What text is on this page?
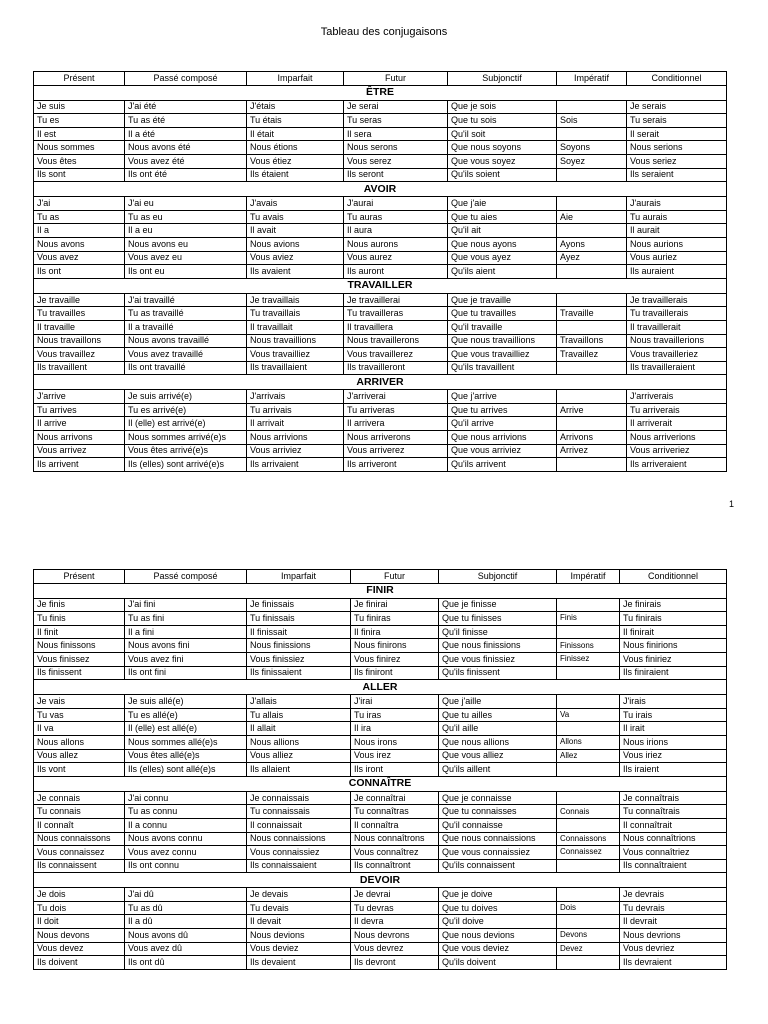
Tableau des conjugaisons
Présent	Passé composé	Imparfait	Futur	Subjonctif	Impératif	Conditionnel
ÊTRE						
Je suis	J'ai été	J'étais	Je serai	Que je sois		Je serais
Tu es	Tu as été	Tu étais	Tu seras	Que tu sois	Sois	Tu serais
Il est	Il a été	Il était	Il sera	Qu'il soit		Il serait
Nous sommes	Nous avons été	Nous étions	Nous serons	Que nous soyons	Soyons	Nous serions
Vous êtes	Vous avez été	Vous étiez	Vous serez	Que vous soyez	Soyez	Vous seriez
Ils sont	Ils ont été	Ils étaient	Ils seront	Qu'ils soient		Ils seraient
AVOIR						
J'ai	J'ai eu	J'avais	J'aurai	Que j'aie		J'aurais
Tu as	Tu as eu	Tu avais	Tu auras	Que tu aies	Aie	Tu aurais
Il a	Il a eu	Il avait	Il aura	Qu'il ait		Il aurait
Nous avons	Nous avons eu	Nous avions	Nous aurons	Que nous ayons	Ayons	Nous aurions
Vous avez	Vous avez eu	Vous aviez	Vous aurez	Que vous ayez	Ayez	Vous auriez
Ils ont	Ils ont eu	Ils avaient	Ils auront	Qu'ils aient		Ils auraient
TRAVAILLER						
Je travaille	J'ai travaillé	Je travaillais	Je travaillerai	Que je travaille		Je travaillerais
Tu travailles	Tu as travaillé	Tu travaillais	Tu travailleras	Que tu travailles	Travaille	Tu travaillerais
Il travaille	Il a travaillé	Il travaillait	Il travaillera	Qu'il travaille		Il travaillerait
Nous travaillons	Nous avons travaillé	Nous travaillions	Nous travaillerons	Que nous travaillions	Travaillons	Nous travaillerions
Vous travaillez	Vous avez travaillé	Vous travailliez	Vous travaillerez	Que vous travailliez	Travaillez	Vous travailleriez
Ils travaillent	Ils ont travaillé	Ils travaillaient	Ils travailleront	Qu'ils travaillent		Ils travailleraient
ARRIVER						
J'arrive	Je suis arrivé(e)	J'arrivais	J'arriverai	Que j'arrive		J'arriverais
Tu arrives	Tu es arrivé(e)	Tu arrivais	Tu arriveras	Que tu arrives	Arrive	Tu arriverais
Il arrive	Il (elle) est arrivé(e)	Il arrivait	Il arrivera	Qu'il arrive		Il arriverait
Nous arrivons	Nous sommes arrivé(e)s	Nous arrivions	Nous arriverons	Que nous arrivions	Arrivons	Nous arriverions
Vous arrivez	Vous êtes arrivé(e)s	Vous arriviez	Vous arriverez	Que vous arriviez	Arrivez	Vous arriveriez
Ils arrivent	Ils (elles) sont arrivé(e)s	Ils arrivaient	Ils arriveront	Qu'ils arrivent		Ils arriveraient
1
Présent	Passé composé	Imparfait	Futur	Subjonctif	Impératif	Conditionnel
FINIR						
Je finis	J'ai fini	Je finissais	Je finirai	Que je finisse		Je finirais
Tu finis	Tu as fini	Tu finissais	Tu finiras	Que tu finisses	Finis	Tu finirais
Il finit	Il a fini	Il finissait	Il finira	Qu'il finisse		Il finirait
Nous finissons	Nous avons fini	Nous finissions	Nous finirons	Que nous finissions	Finissons	Nous finirions
Vous finissez	Vous avez fini	Vous finissiez	Vous finirez	Que vous finissiez	Finissez	Vous finiriez
Ils finissent	Ils ont fini	Ils finissaient	Ils finiront	Qu'ils finissent		Ils finiraient
ALLER						
Je vais	Je suis allé(e)	J'allais	J'irai	Que j'aille		J'irais
Tu vas	Tu es allé(e)	Tu allais	Tu iras	Que tu ailles	Va	Tu irais
Il va	Il (elle) est allé(e)	Il allait	Il ira	Qu'il aille		Il irait
Nous allons	Nous sommes allé(e)s	Nous allions	Nous irons	Que nous allions	Allons	Nous irions
Vous allez	Vous êtes allé(e)s	Vous alliez	Vous irez	Que vous alliez	Allez	Vous iriez
Ils vont	Ils (elles) sont allé(e)s	Ils allaient	Ils iront	Qu'ils aillent		Ils iraient
CONNAÎTRE						
Je connais	J'ai connu	Je connaissais	Je connaîtrai	Que je connaisse		Je connaîtrais
Tu connais	Tu as connu	Tu connaissais	Tu connaîtras	Que tu connaisses	Connais	Tu connaîtrais
Il connaît	Il a connu	Il connaissait	Il connaîtra	Qu'il connaisse		Il connaîtrait
Nous connaissons	Nous avons connu	Nous connaissions	Nous connaîtrons	Que nous connaissions	Connaissons	Nous connaîtrions
Vous connaissez	Vous avez connu	Vous connaissiez	Vous connaîtrez	Que vous connaissiez	Connaissez	Vous connaîtriez
Ils connaissent	Ils ont connu	Ils connaissaient	Ils connaîtront	Qu'ils connaissent		Ils connaîtraient
DEVOIR						
Je dois	J'ai dû	Je devais	Je devrai	Que je doive		Je devrais
Tu dois	Tu as dû	Tu devais	Tu devras	Que tu doives	Dois	Tu devrais
Il doit	Il a dû	Il devait	Il devra	Qu'il doive		Il devrait
Nous devons	Nous avons dû	Nous devions	Nous devrons	Que nous devions	Devons	Nous devrions
Vous devez	Vous avez dû	Vous deviez	Vous devrez	Que vous deviez	Devez	Vous devriez
Ils doivent	Ils ont dû	Ils devaient	Ils devront	Qu'ils doivent		Ils devraient
